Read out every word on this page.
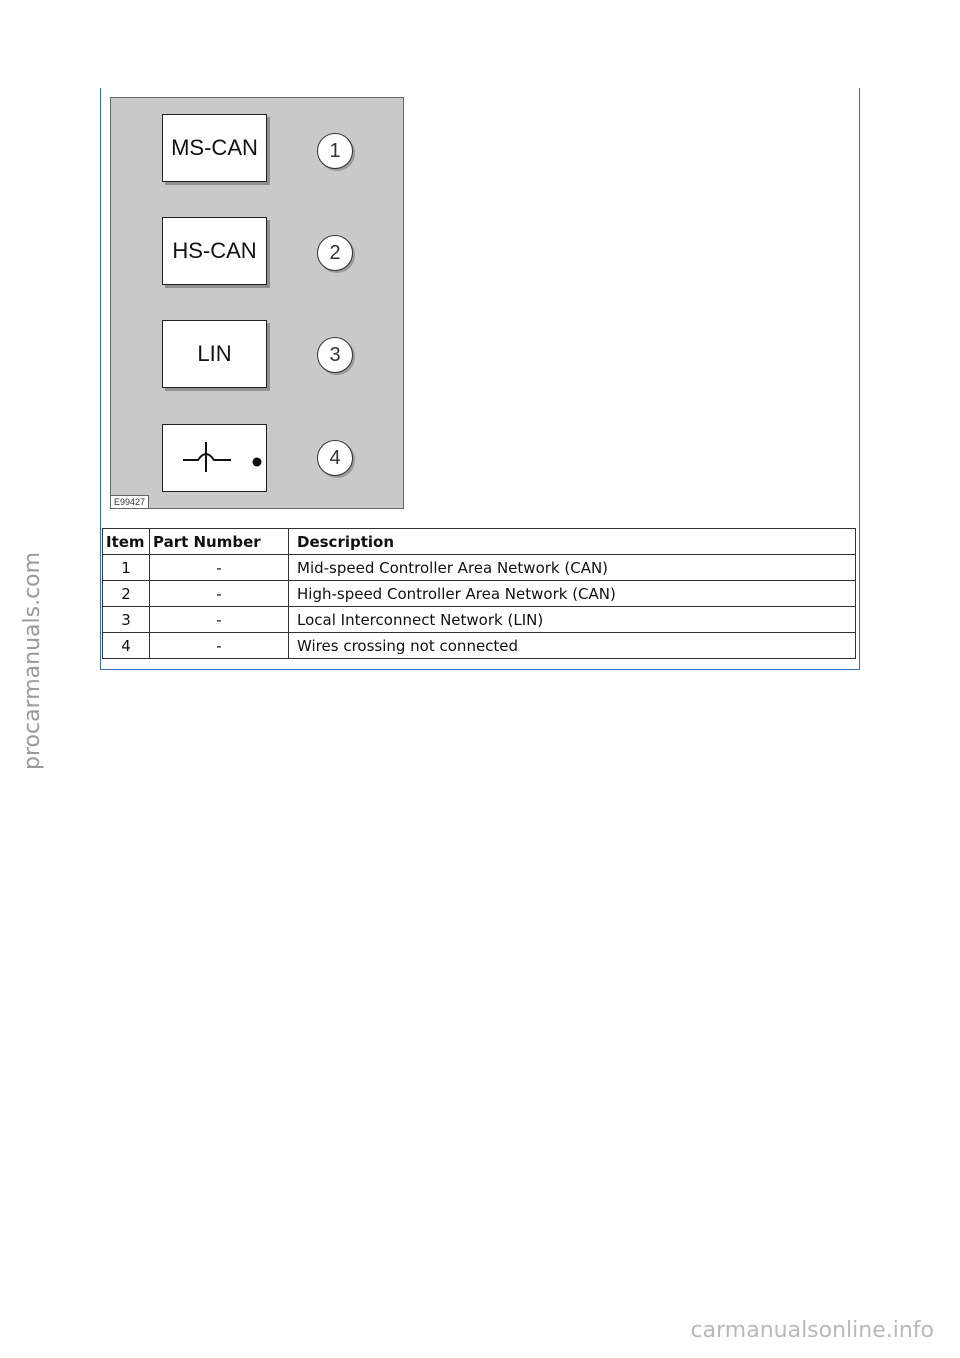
MS-CAN	1
HS-CAN	2
LIN	3
4
E99427
Item	Part Number	Description
1	-	Mid-speed Controller Area Network (CAN)
2	-	High-speed Controller Area Network (CAN)
3	-	Local Interconnect Network (LIN)
4	-	Wires crossing not connected
procarmanuals.com
carmanualsonline.info
